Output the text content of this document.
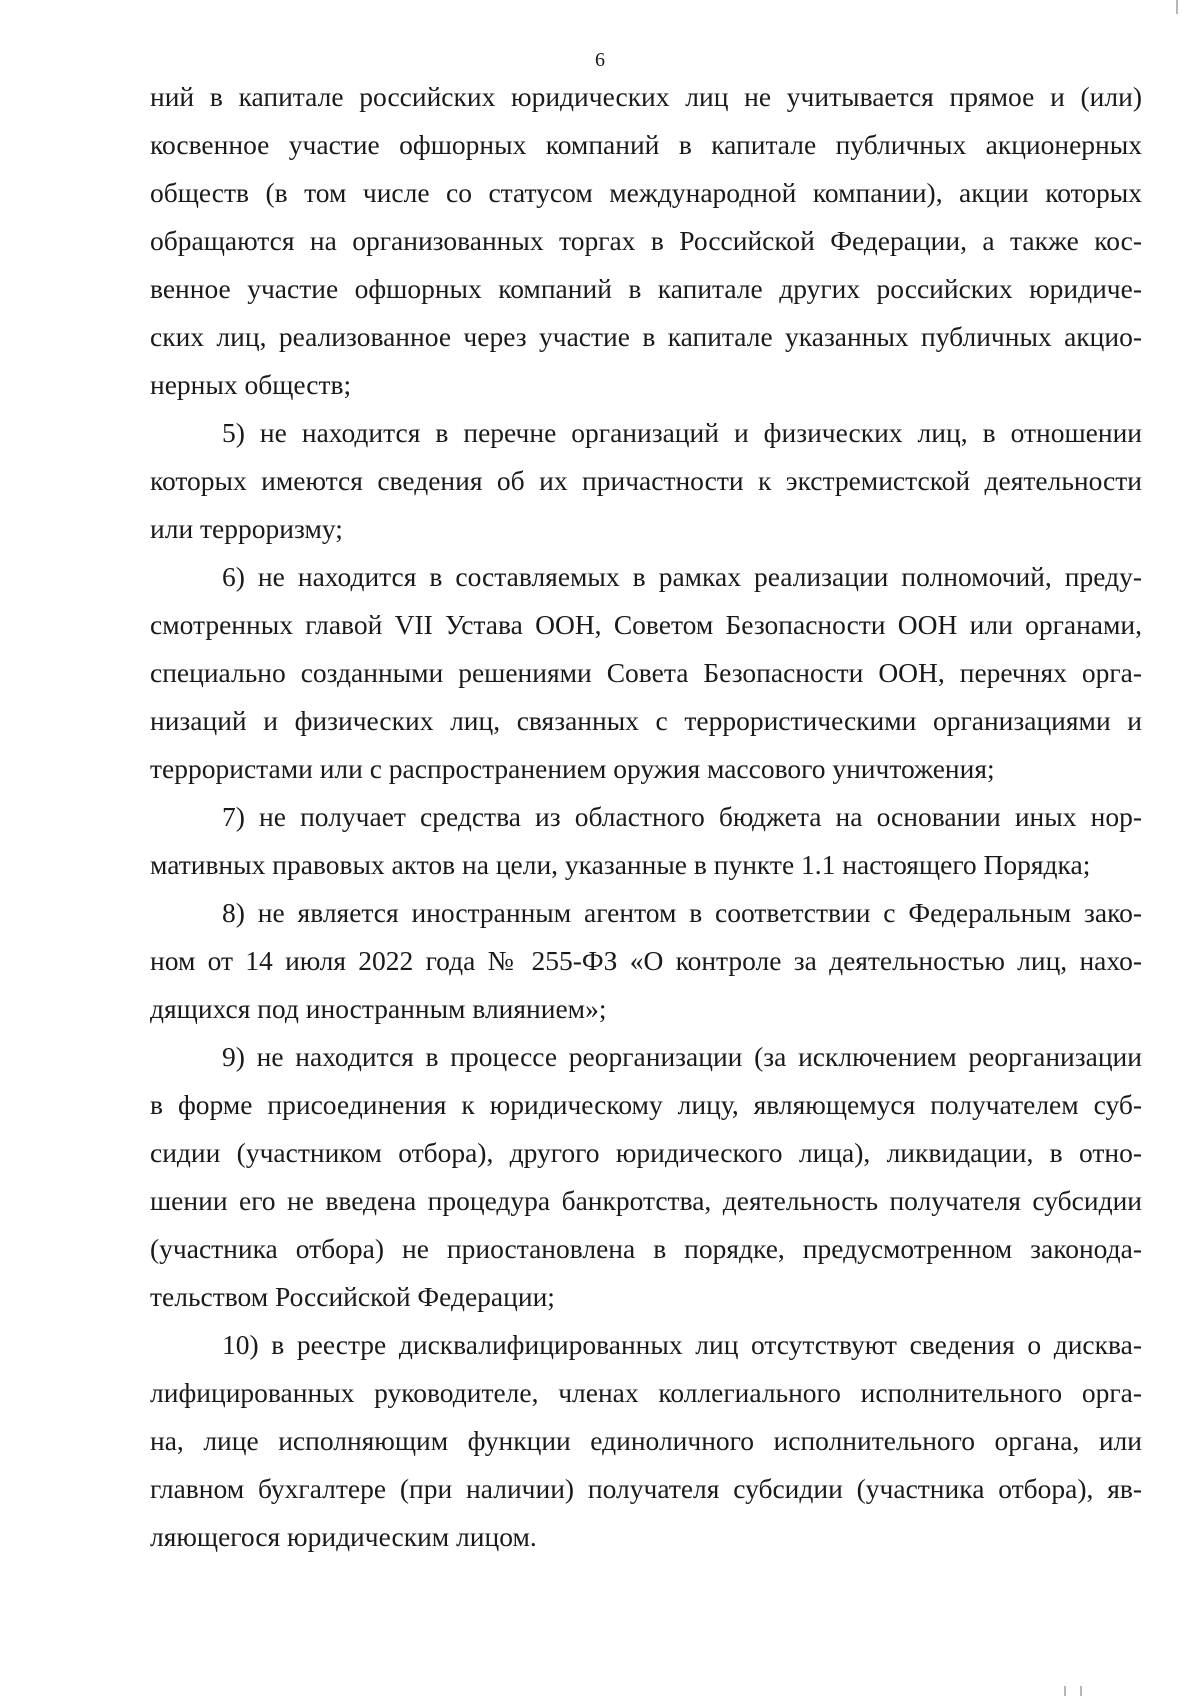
6
ний в капитале российских юридических лиц не учитывается прямое и (или)
косвенное участие офшорных компаний в капитале публичных акционерных
обществ (в том числе со статусом международной компании), акции которых
обращаются на организованных торгах в Российской Федерации, а также кос-
венное участие офшорных компаний в капитале других российских юридиче-
ских лиц, реализованное через участие в капитале указанных публичных акцио-
нерных обществ;
5) не находится в перечне организаций и физических лиц, в отношении
которых имеются сведения об их причастности к экстремистской деятельности
или терроризму;
6) не находится в составляемых в рамках реализации полномочий, преду-
смотренных главой VII Устава ООН, Советом Безопасности ООН или органами,
специально созданными решениями Совета Безопасности ООН, перечнях орга-
низаций и физических лиц, связанных с террористическими организациями и
террористами или с распространением оружия массового уничтожения;
7) не получает средства из областного бюджета на основании иных нор-
мативных правовых актов на цели, указанные в пункте 1.1 настоящего Порядка;
8) не является иностранным агентом в соответствии с Федеральным зако-
ном от 14 июля 2022 года № 255-ФЗ «О контроле за деятельностью лиц, нахо-
дящихся под иностранным влиянием»;
9) не находится в процессе реорганизации (за исключением реорганизации
в форме присоединения к юридическому лицу, являющемуся получателем суб-
сидии (участником отбора), другого юридического лица), ликвидации, в отно-
шении его не введена процедура банкротства, деятельность получателя субсидии
(участника отбора) не приостановлена в порядке, предусмотренном законода-
тельством Российской Федерации;
10) в реестре дисквалифицированных лиц отсутствуют сведения о дисква-
лифицированных руководителе, членах коллегиального исполнительного орга-
на, лице исполняющим функции единоличного исполнительного органа, или
главном бухгалтере (при наличии) получателя субсидии (участника отбора), яв-
ляющегося юридическим лицом.
